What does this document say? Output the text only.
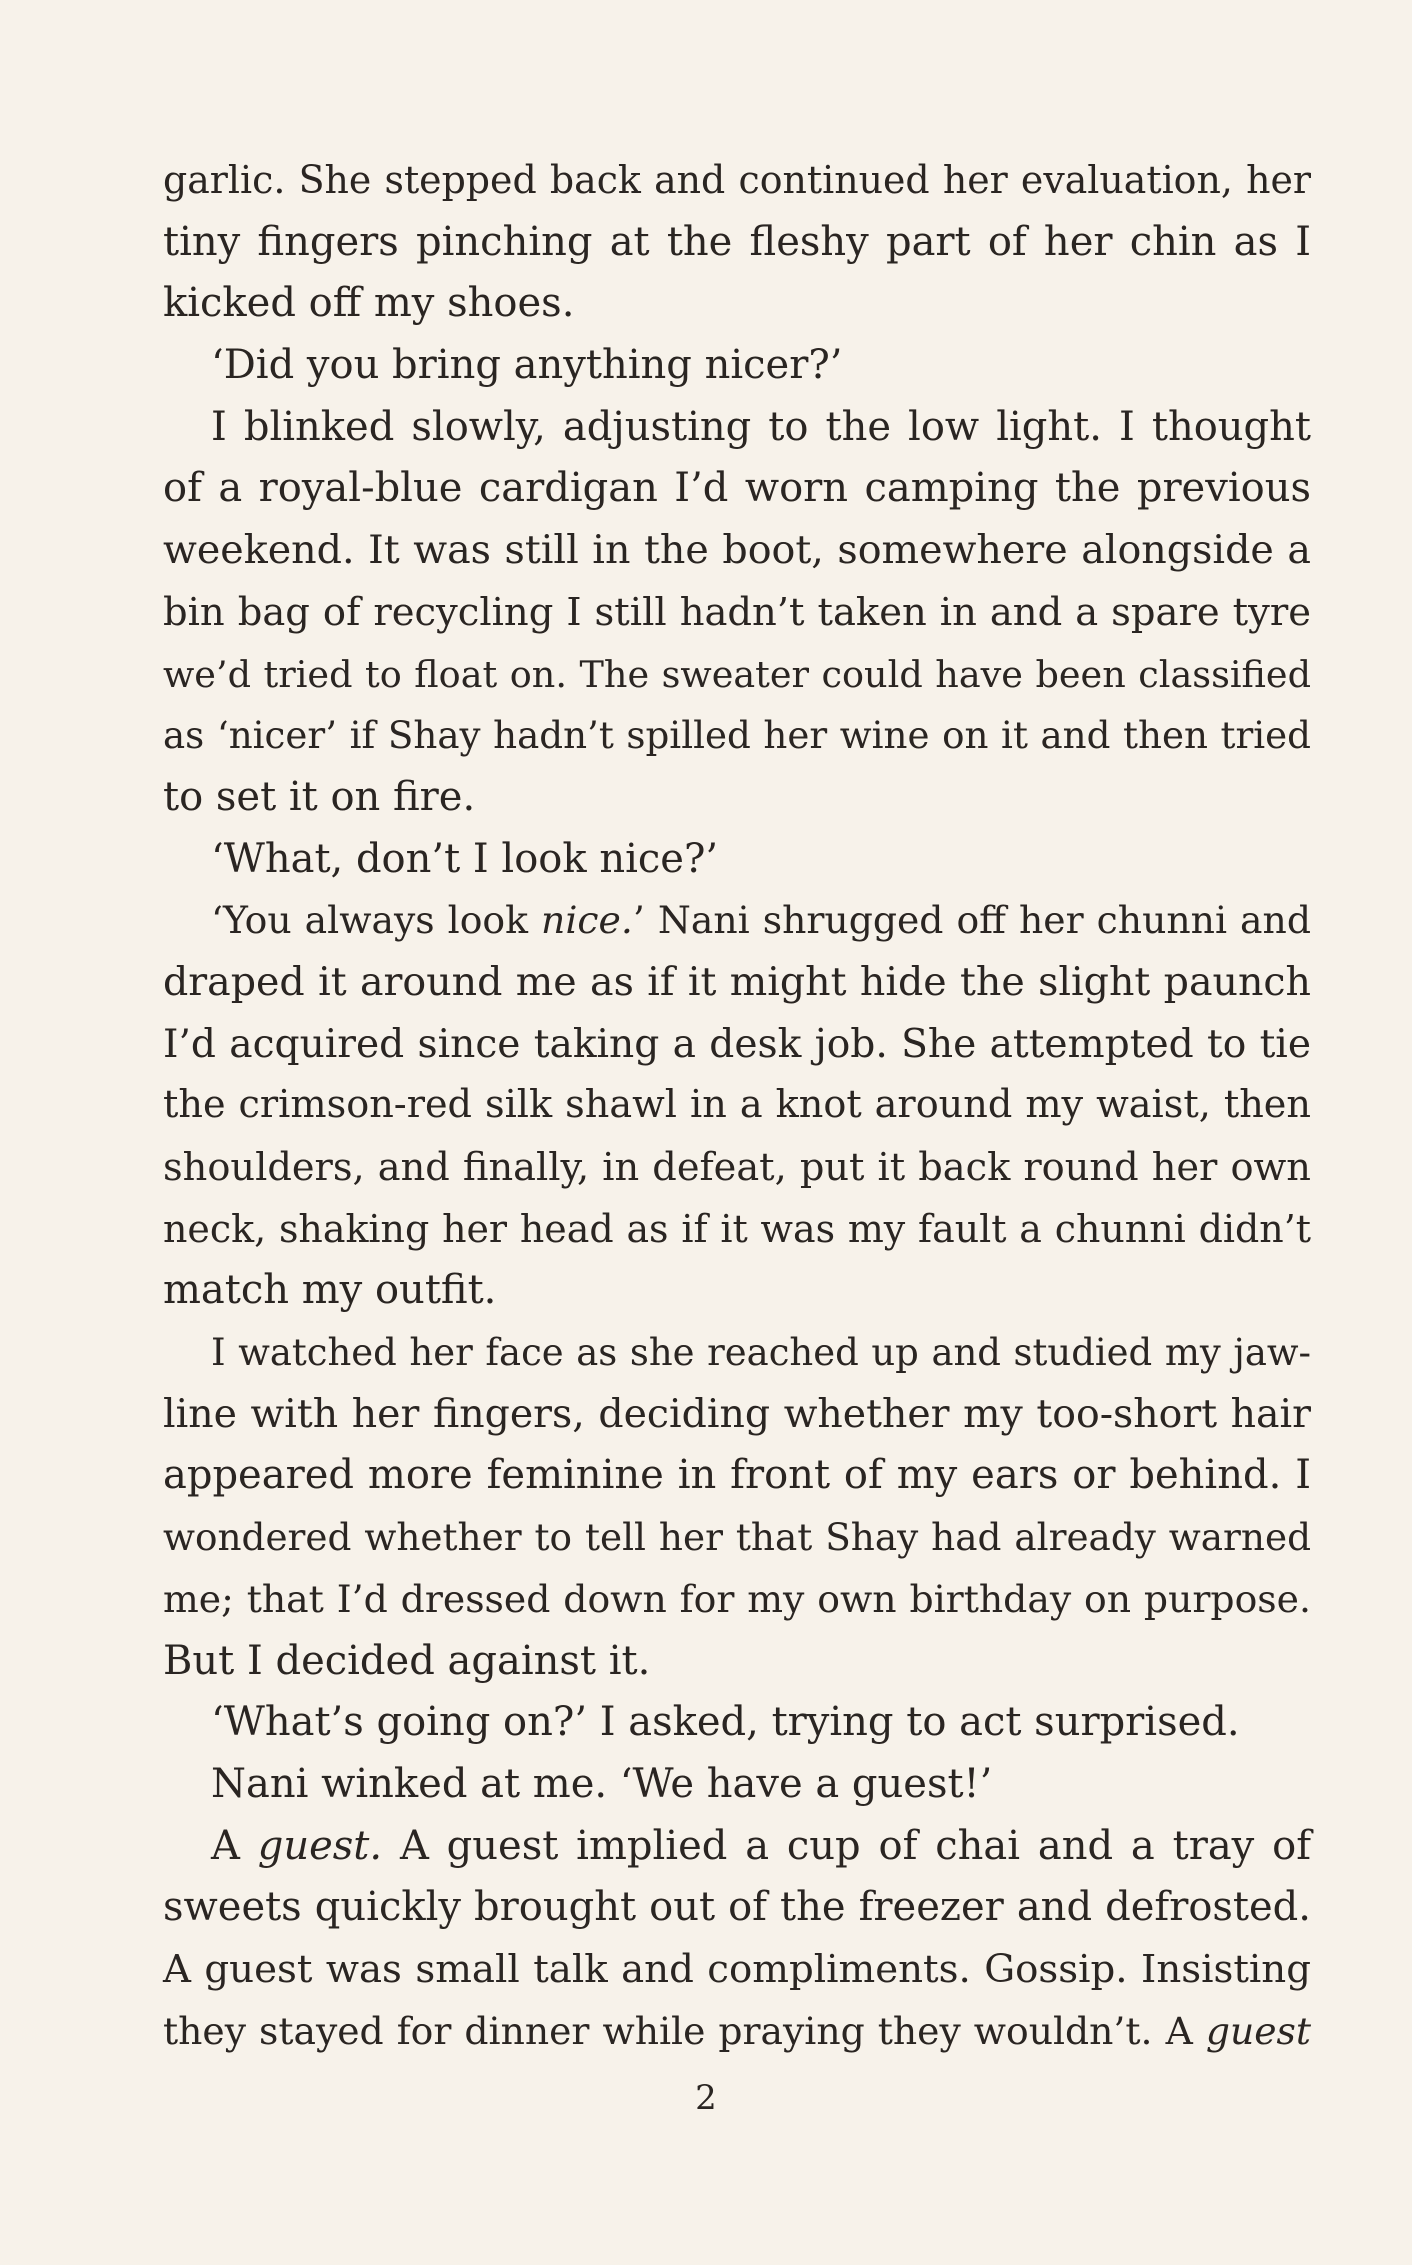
garlic. She stepped back and continued her evaluation, her
tiny fingers pinching at the fleshy part of her chin as I
kicked off my shoes.
‘Did you bring anything nicer?’
I blinked slowly, adjusting to the low light. I thought
of a royal-blue cardigan I’d worn camping the previous
weekend. It was still in the boot, somewhere alongside a
bin bag of recycling I still hadn’t taken in and a spare tyre
we’d tried to float on. The sweater could have been classified
as ‘nicer’ if Shay hadn’t spilled her wine on it and then tried
to set it on fire.
‘What, don’t I look nice?’
‘You always look nice.’ Nani shrugged off her chunni and
draped it around me as if it might hide the slight paunch
I’d acquired since taking a desk job. She attempted to tie
the crimson-red silk shawl in a knot around my waist, then
shoulders, and finally, in defeat, put it back round her own
neck, shaking her head as if it was my fault a chunni didn’t
match my outfit.
I watched her face as she reached up and studied my jaw-
line with her fingers, deciding whether my too-short hair
appeared more feminine in front of my ears or behind. I
wondered whether to tell her that Shay had already warned
me; that I’d dressed down for my own birthday on purpose.
But I decided against it.
‘What’s going on?’ I asked, trying to act surprised.
Nani winked at me. ‘We have a guest!’
A guest. A guest implied a cup of chai and a tray of
sweets quickly brought out of the freezer and defrosted.
A guest was small talk and compliments. Gossip. Insisting
they stayed for dinner while praying they wouldn’t. A guest
2
